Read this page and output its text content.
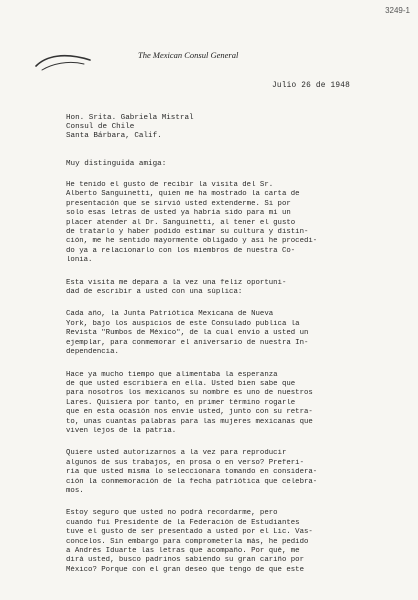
3249-1
The Mexican Consul General
Julio 26 de 1948
Hon. Srita. Gabriela Mistral
Consul de Chile
Santa Bárbara, Calif.
Muy distinguida amiga:

He tenido el gusto de recibir la visita del Sr.
Alberto Sanguinetti, quien me ha mostrado la carta de
presentación que se sirvió usted extenderme. Si por
solo esas letras de usted ya habría sido para mí un
placer atender al Dr. Sanguinetti, al tener el gusto
de tratarlo y haber podido estimar su cultura y distin-
ción, me he sentido mayormente obligado y así he procedi-
do ya a relacionarlo con los miembros de nuestra Co-
lonia.

Esta visita me depara a la vez una feliz oportuni-
dad de escribir a usted con una súplica:

Cada año, la Junta Patriótica Mexicana de Nueva
York, bajo los auspicios de este Consulado publica la
Revista "Rumbos de México", de la cual envío a usted un
ejemplar, para conmemorar el aniversario de nuestra In-
dependencia.

Hace ya mucho tiempo que alimentaba la esperanza
de que usted escribiera en ella. Usted bien sabe que
para nosotros los mexicanos su nombre es uno de nuestros
Lares. Quisiera por tanto, en primer término rogarle
que en esta ocasión nos envíe usted, junto con su retra-
to, unas cuantas palabras para las mujeres mexicanas que
viven lejos de la patria.

Quiere usted autorizarnos a la vez para reproducir
algunos de sus trabajos, en prosa o en verso? Preferi-
ría que usted misma lo seleccionara tomando en considera-
ción la conmemoración de la fecha patriótica que celebra-
mos.

Estoy seguro que usted no podrá recordarme, pero
cuando fuí Presidente de la Federación de Estudiantes
tuve el gusto de ser presentado a usted por el Lic. Vas-
concelos. Sin embargo para comprometerla más, he pedido
a Andrés Iduarte las letras que acompaño. Por qué, me
dirá usted, busco padrinos sabiendo su gran cariño por
México? Porque con el gran deseo que tengo de que este
